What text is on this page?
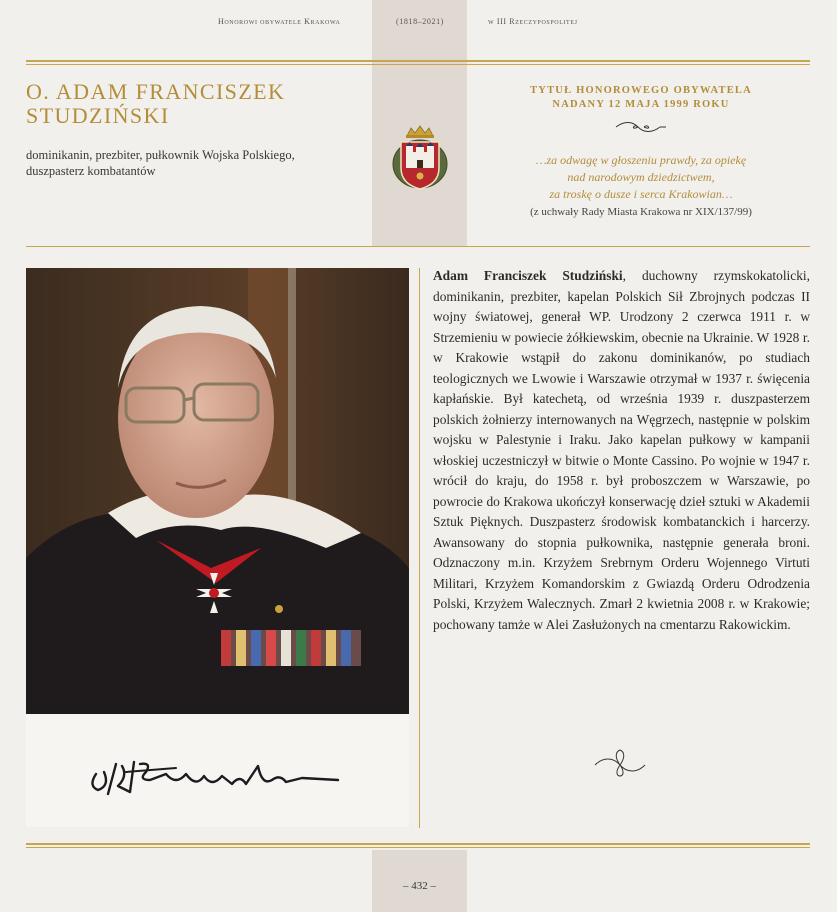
Honorowi obywatele Krakowa	(1818–2021)	w III Rzeczypospolitej
O. ADAM FRANCISZEK
STUDZIŃSKI
dominikanin, prezbiter, pułkownik Wojska Polskiego,
duszpasterz kombatantów
TYTUŁ HONOROWEGO OBYWATELA
NADANY 12 MAJA 1999 ROKU
…za odwagę w głoszeniu prawdy, za opiekę
nad narodowym dziedzictwem,
za troskę o dusze i serca Krakowian…
(z uchwały Rady Miasta Krakowa nr XIX/137/99)
Adam Franciszek Studziński, duchowny rzymskokatolicki, dominikanin, prezbiter, kapelan Polskich Sił Zbrojnych podczas II wojny światowej, generał WP. Urodzony 2 czerwca 1911 r. w Strzemieniu w powiecie żółkiewskim, obecnie na Ukrainie. W 1928 r. w Krakowie wstąpił do zakonu dominikanów, po studiach teologicznych we Lwowie i Warszawie otrzymał w 1937 r. święcenia kapłańskie. Był katechetą, od września 1939 r. duszpasterzem polskich żołnierzy internowanych na Węgrzech, następnie w polskim wojsku w Palestynie i Iraku. Jako kapelan pułkowy w kampanii włoskiej uczestniczył w bitwie o Monte Cassino. Po wojnie w 1947 r. wrócił do kraju, do 1958 r. był proboszczem w Warszawie, po powrocie do Krakowa ukończył konserwację dzieł sztuki w Akademii Sztuk Pięknych. Duszpasterz środowisk kombatanckich i harcerzy. Awansowany do stopnia pułkownika, następnie generała broni. Odznaczony m.in. Krzyżem Srebrnym Orderu Wojennego Virtuti Militari, Krzyżem Komandorskim z Gwiazdą Orderu Odrodzenia Polski, Krzyżem Walecznych. Zmarł 2 kwietnia 2008 r. w Krakowie; pochowany tamże w Alei Zasłużonych na cmentarzu Rakowickim.
– 432 –
